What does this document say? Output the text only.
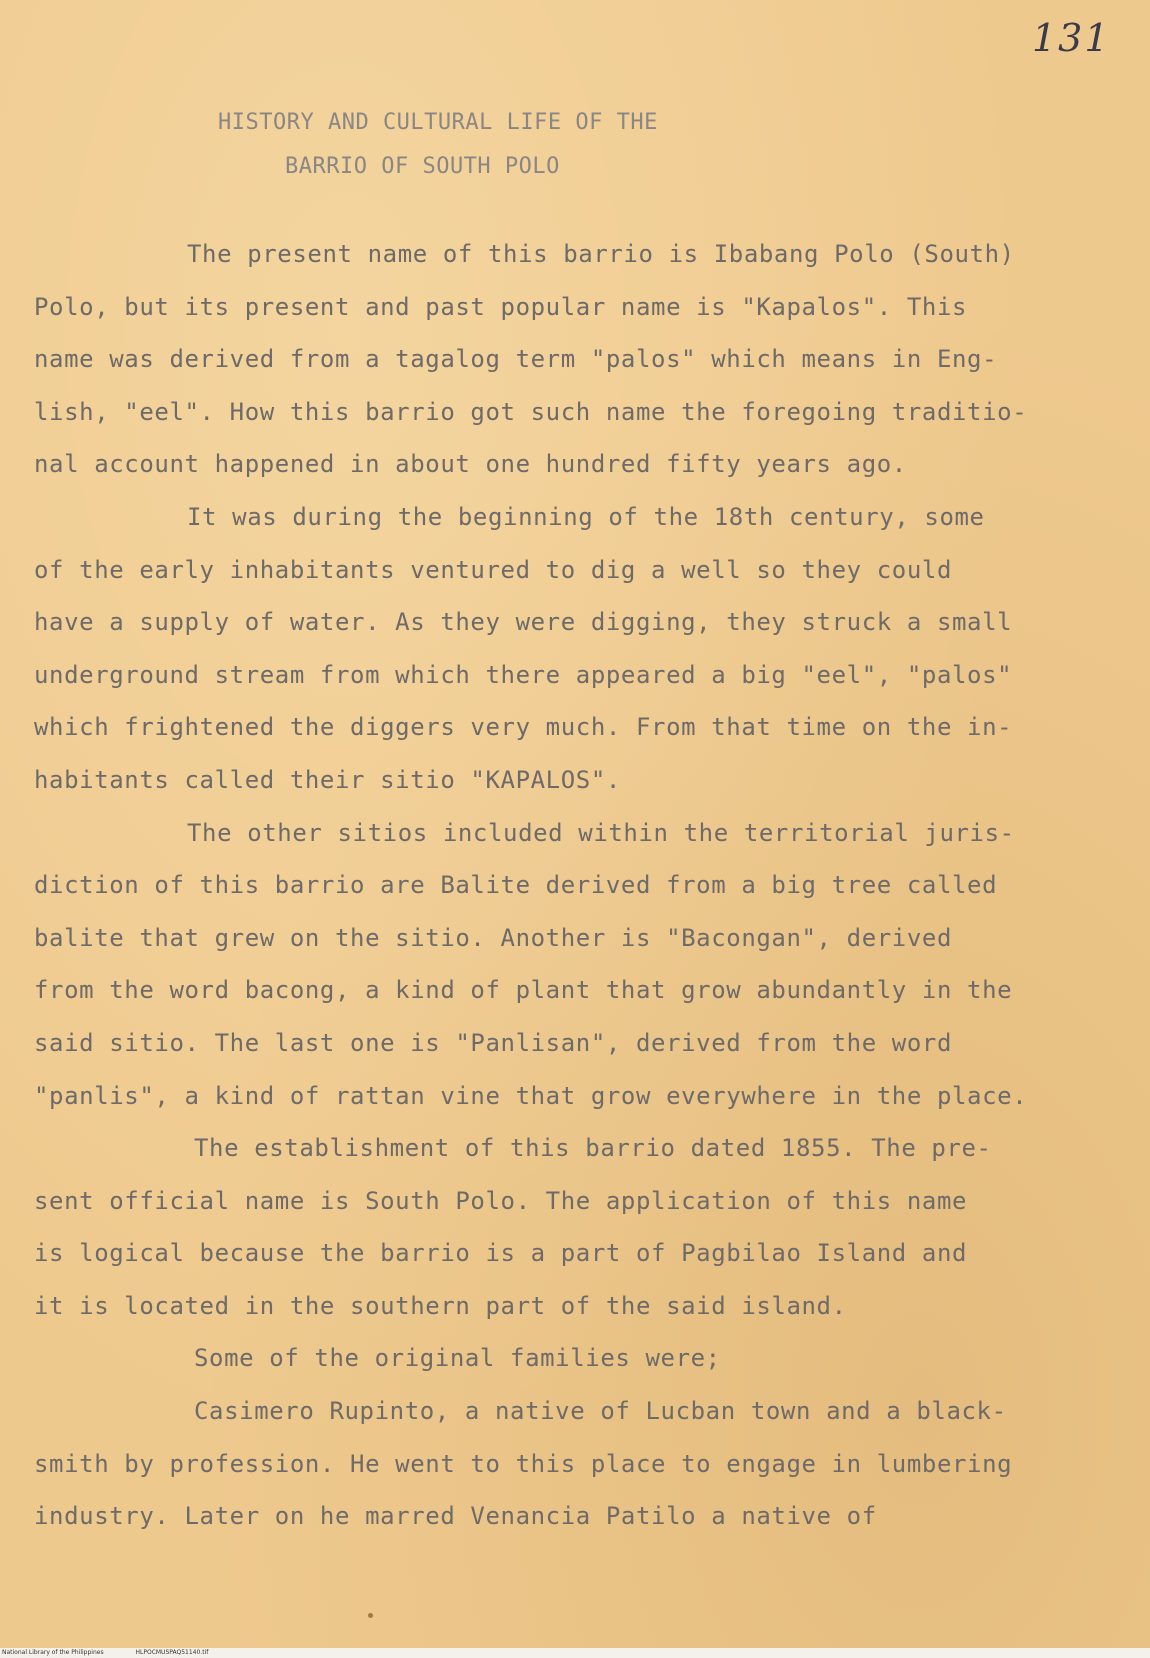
131
HISTORY AND CULTURAL LIFE OF THE
BARRIO OF SOUTH POLO
The present name of this barrio is Ibabang Polo (South)
Polo, but its present and past popular name is "Kapalos". This
name was derived from a tagalog term "palos" which means in Eng-
lish, "eel". How this barrio got such name the foregoing traditio-
nal account happened in about one hundred fifty years ago.
It was during the beginning of the 18th century, some
of the early inhabitants ventured to dig a well so they could
have a supply of water. As they were digging, they struck a small
underground stream from which there appeared a big "eel", "palos"
which frightened the diggers very much. From that time on the in-
habitants called their sitio "KAPALOS".
The other sitios included within the territorial juris-
diction of this barrio are Balite derived from a big tree called
balite that grew on the sitio. Another is "Bacongan", derived
from the word bacong, a kind of plant that grow abundantly in the
said sitio. The last one is "Panlisan", derived from the word
"panlis", a kind of rattan vine that grow everywhere in the place.
The establishment of this barrio dated 1855. The pre-
sent official name is South Polo. The application of this name
is logical because the barrio is a part of Pagbilao Island and
it is located in the southern part of the said island.
Some of the original families were;
Casimero Rupinto, a native of Lucban town and a black-
smith by profession. He went to this place to engage in lumbering
industry. Later on he marred Venancia Patilo a native of
National Library of the Philippines	HLPOCMUSPAQ51140.tif
